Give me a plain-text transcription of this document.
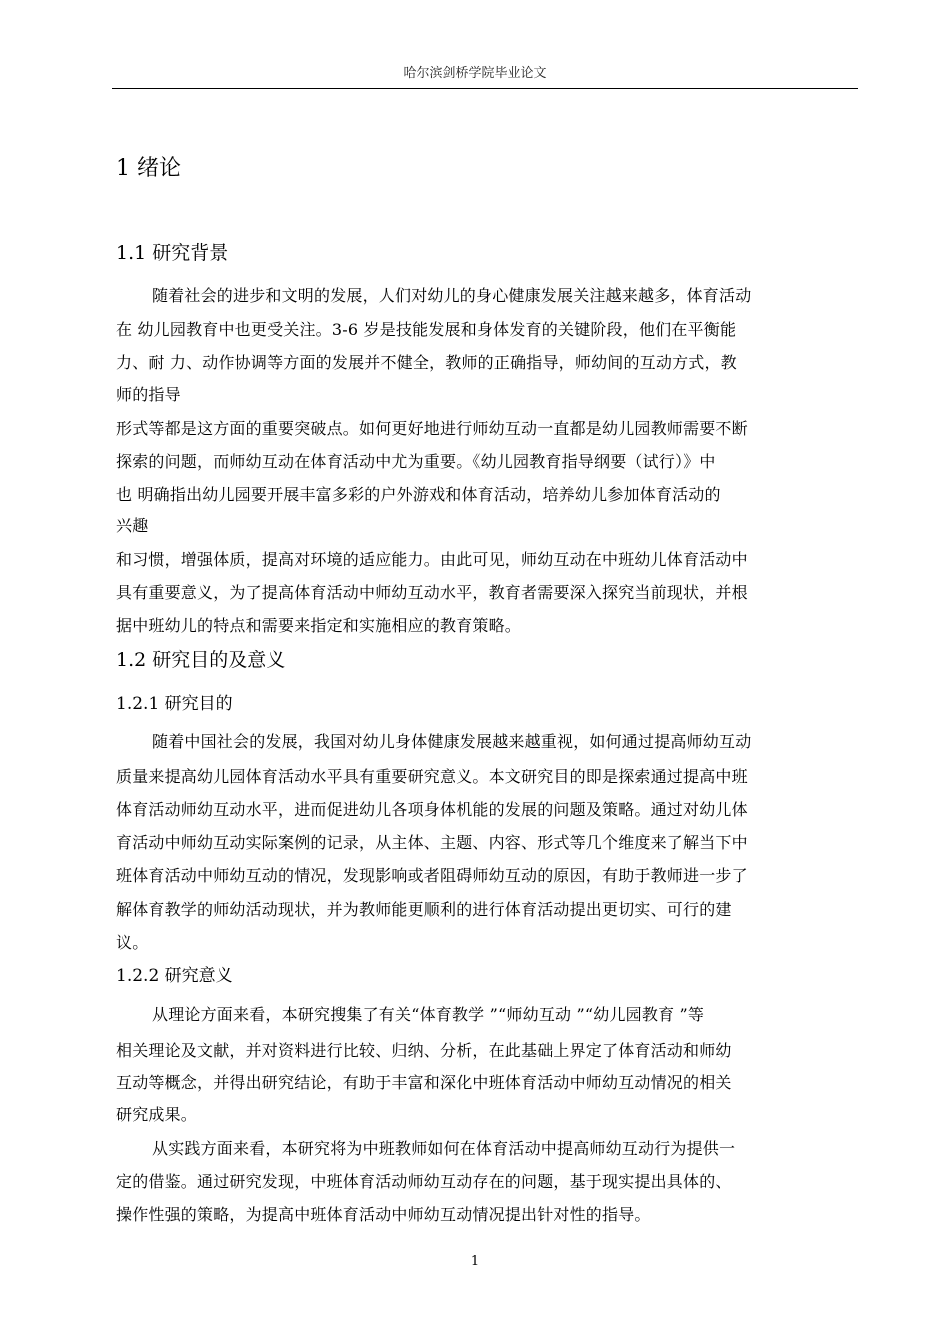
哈尔滨剑桥学院毕业论文
1 绪论
1.1 研究背景
随着社会的进步和文明的发展，人们对幼儿的身心健康发展关注越来越多，体育活动
在 幼儿园教育中也更受关注。3-6 岁是技能发展和身体发育的关键阶段，他们在平衡能
力、耐 力、动作协调等方面的发展并不健全，教师的正确指导，师幼间的互动方式，教
师的指导
形式等都是这方面的重要突破点。如何更好地进行师幼互动一直都是幼儿园教师需要不断
探索的问题，而师幼互动在体育活动中尤为重要。《幼儿园教育指导纲要（试行）》中
也 明确指出幼儿园要开展丰富多彩的户外游戏和体育活动，培养幼儿参加体育活动的
兴趣
和习惯，增强体质，提高对环境的适应能力。由此可见，师幼互动在中班幼儿体育活动中
具有重要意义，为了提高体育活动中师幼互动水平，教育者需要深入探究当前现状，并根
据中班幼儿的特点和需要来指定和实施相应的教育策略。
1.2 研究目的及意义
1.2.1 研究目的
随着中国社会的发展，我国对幼儿身体健康发展越来越重视，如何通过提高师幼互动
质量来提高幼儿园体育活动水平具有重要研究意义。本文研究目的即是探索通过提高中班
体育活动师幼互动水平，进而促进幼儿各项身体机能的发展的问题及策略。通过对幼儿体
育活动中师幼互动实际案例的记录，从主体、主题、内容、形式等几个维度来了解当下中
班体育活动中师幼互动的情况，发现影响或者阻碍师幼互动的原因，有助于教师进一步了
解体育教学的师幼活动现状，并为教师能更顺利的进行体育活动提出更切实、可行的建
议。
1.2.2 研究意义
从理论方面来看，本研究搜集了有关“体育教学 ”“师幼互动 ”“幼儿园教育 ”等
相关理论及文献，并对资料进行比较、归纳、分析，在此基础上界定了体育活动和师幼
互动等概念，并得出研究结论，有助于丰富和深化中班体育活动中师幼互动情况的相关
研究成果。
从实践方面来看，本研究将为中班教师如何在体育活动中提高师幼互动行为提供一
定的借鉴。通过研究发现，中班体育活动师幼互动存在的问题，基于现实提出具体的、
操作性强的策略，为提高中班体育活动中师幼互动情况提出针对性的指导。
1
